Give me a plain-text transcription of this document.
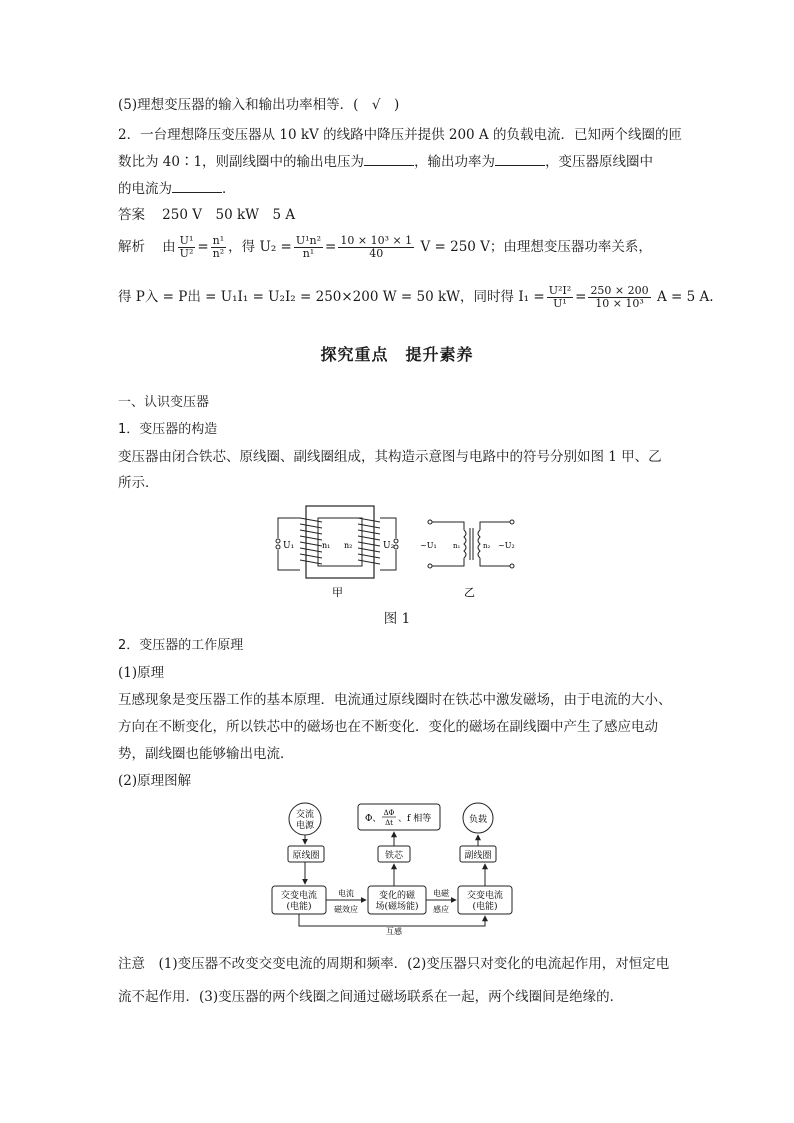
(5)理想变压器的输入和输出功率相等．(　√　)
2．一台理想降压变压器从 10 kV 的线路中降压并提供 200 A 的负载电流．已知两个线圈的匝
数比为 40∶1，则副线圈中的输出电压为	，输出功率为	，变压器原线圈中
的电流为	．
答案 250 V　50 kW　5 A
解析 由 $\frac{\text{U¹}}{\text{U²}} = \frac{\text{n¹}}{\text{n²}}$ ，得 $U_2 = \frac{\text{U¹n²}}{\text{n¹}} = \frac{\text{10 × 10³ × 1}}{40}$ V = 250 V；由理想变压器功率关系，
得 P入 = P出 = U₁I₁ = U₂I₂ = 250×200 W = 50 kW，同时得 $I_1 = \frac{\text{U²I²}}{\text{U¹}} = \frac{250 \times 200}{\text{10 × 10³}}$ A = 5 A.
探究重点　提升素养
一、认识变压器
1．变压器的构造
变压器由闭合铁芯、原线圈、副线圈组成，其构造示意图与电路中的符号分别如图 1 甲、乙
所示．
U₁	n₁ n₂	U₂
甲
~U₁ n₁	n₂ ~U₂
乙
图 1
2．变压器的工作原理
(1)原理
互感现象是变压器工作的基本原理．电流通过原线圈时在铁芯中激发磁场，由于电流的大小、
方向在不断变化，所以铁芯中的磁场也在不断变化．变化的磁场在副线圈中产生了感应电动
势，副线圈也能够输出电流．
(2)原理图解
交流
电源
Φ、
ΔΦ
Δt 、f 相等	负载
原线圈	铁芯	副线圈
交变电流
(电能)
变化的磁
场(磁场能)
交变电流
(电能)
电流
磁效应
电磁
感应
互感
注意　(1)变压器不改变交变电流的周期和频率．(2)变压器只对变化的电流起作用，对恒定电
流不起作用．(3)变压器的两个线圈之间通过磁场联系在一起，两个线圈间是绝缘的．
